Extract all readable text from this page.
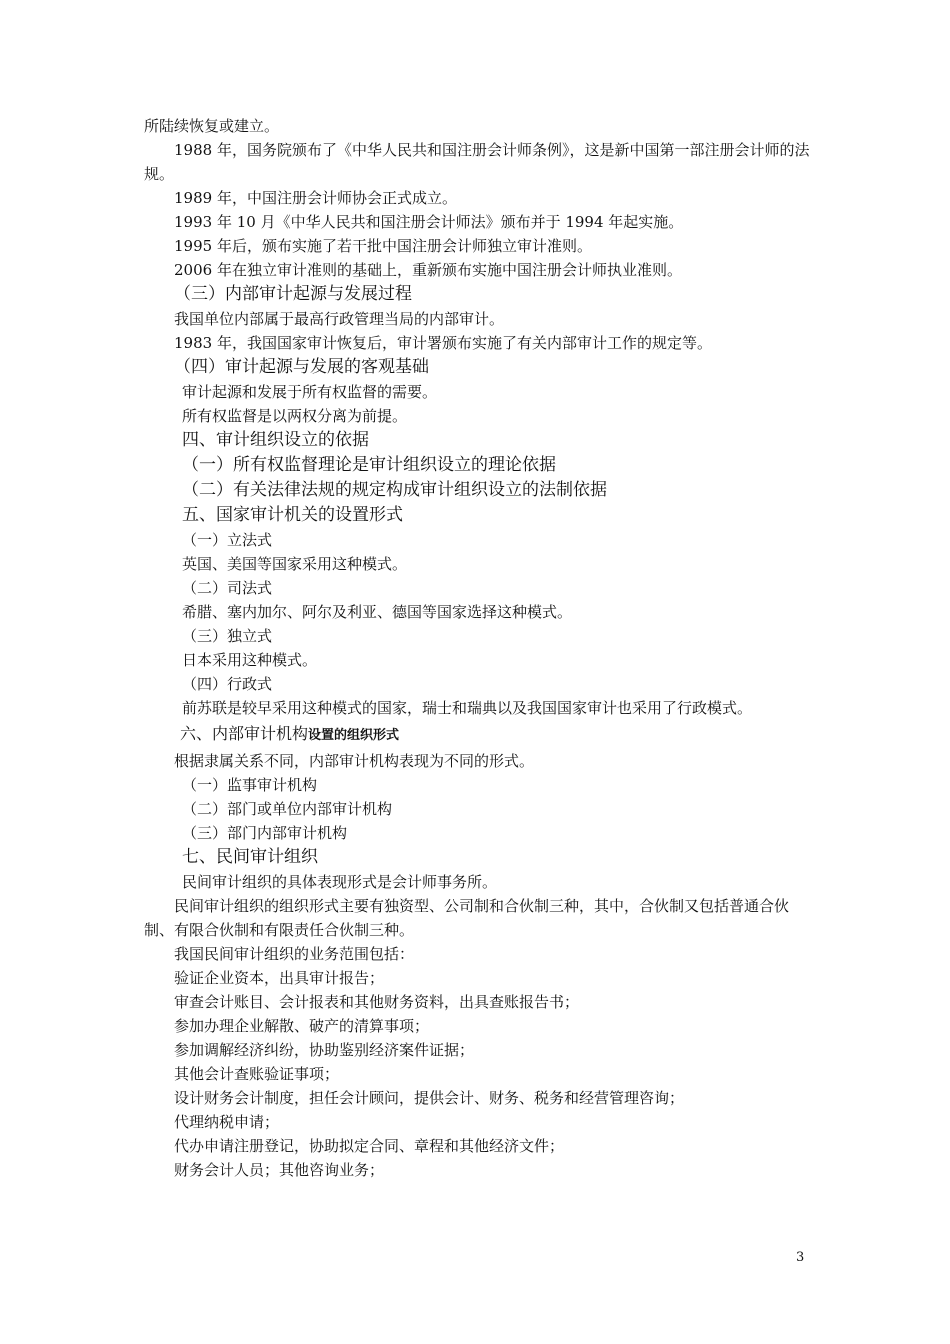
所陆续恢复或建立。

1988 年，国务院颁布了《中华人民共和国注册会计师条例》，这是新中国第一部注册会计师的法规。

1989 年，中国注册会计师协会正式成立。

1993 年 10 月《中华人民共和国注册会计师法》颁布并于 1994 年起实施。

1995 年后，颁布实施了若干批中国注册会计师独立审计准则。

2006 年在独立审计准则的基础上，重新颁布实施中国注册会计师执业准则。

（三）内部审计起源与发展过程

我国单位内部属于最高行政管理当局的内部审计。

1983 年，我国国家审计恢复后，审计署颁布实施了有关内部审计工作的规定等。

（四）审计起源与发展的客观基础

审计起源和发展于所有权监督的需要。

所有权监督是以两权分离为前提。

四、审计组织设立的依据

（一）所有权监督理论是审计组织设立的理论依据

（二）有关法律法规的规定构成审计组织设立的法制依据

五、国家审计机关的设置形式

（一）立法式

英国、美国等国家采用这种模式。

（二）司法式

希腊、塞内加尔、阿尔及利亚、德国等国家选择这种模式。

（三）独立式

日本采用这种模式。

（四）行政式

前苏联是较早采用这种模式的国家，瑞士和瑞典以及我国国家审计也采用了行政模式。

六、内部审计机构设置的组织形式

根据隶属关系不同，内部审计机构表现为不同的形式。

（一）监事审计机构

（二）部门或单位内部审计机构

（三）部门内部审计机构

七、民间审计组织

民间审计组织的具体表现形式是会计师事务所。

民间审计组织的组织形式主要有独资型、公司制和合伙制三种，其中，合伙制又包括普通合伙制、有限合伙制和有限责任合伙制三种。

我国民间审计组织的业务范围包括：

验证企业资本，出具审计报告；

审查会计账目、会计报表和其他财务资料，出具查账报告书；

参加办理企业解散、破产的清算事项；

参加调解经济纠纷，协助鉴别经济案件证据；

其他会计查账验证事项；

设计财务会计制度，担任会计顾问，提供会计、财务、税务和经营管理咨询；

代理纳税申请；

代办申请注册登记，协助拟定合同、章程和其他经济文件；

财务会计人员；其他咨询业务；

3
